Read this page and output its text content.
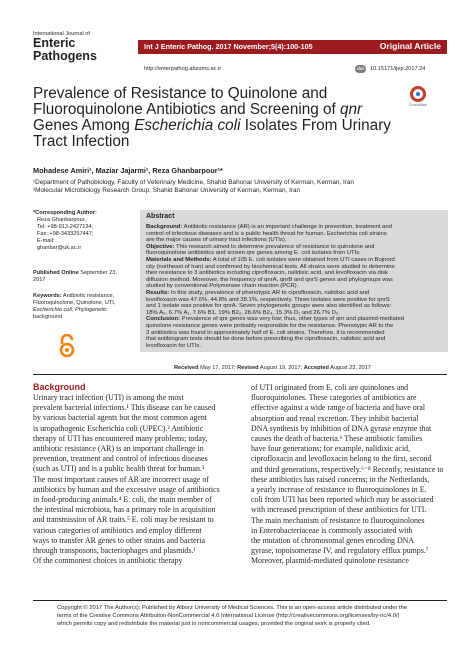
International Journal of
Enteric
Pathogens
Int J Enteric Pathog. 2017 November;5(4):100-105	Original Article
http://enterpathog.abzums.ac.ir	doi	10.15171/ijep.2017.24
CrossMark
Prevalence of Resistance to Quinolone and
Fluoroquinolone Antibiotics and Screening of qnr
Genes Among Escherichia coli Isolates From Urinary
Tract Infection
Mohadese Amiri¹, Maziar Jajarmi¹, Reza Ghanbarpour¹*
¹Department of Pathobiology, Faculty of Veterinary Medicine, Shahid Bahonar University of Kerman, Kerman, Iran
²Molecular Microbiology Research Group, Shahid Bahonar University of Kerman, Kerman, Iran
*Corresponding Author:
Reza Ghanbarpour,
Tel: +98-913-2427134;
Fax: +98-3433257447;
E-mail:
ghanbar@uk.ac.ir
Published Online September 23,
2017
Keywords: Antibiotic resistance,
Fluoroquinolone, Quinolone, UTI,
Escherichia coli, Phylogenetic
background
Abstract
Background: Antibiotic resistance (AR) is an important challenge in prevention, treatment and
control of infectious diseases and is a public health threat for human. Escherichia coli strains
are the major causes of urinary tract infections (UTIs).
Objective: This research aimed to determine prevalence of resistance to quinolone and
fluoroquinolone antibiotics and screen qnr genes among E. coli isolates from UTIs.
Materials and Methods: A total of 105 E. coli isolates were obtained from UTI cases in Bojnord
city (northeast of Iran) and confirmed by biochemical tests. All strains were studied to determine
their resistance to 3 antibiotics including ciprofloxacin, nalidixic acid, and levofloxacin via disk
diffusion method. Moreover, the frequency of qnrA, qnrB and qnrS genes and phylogroups was
studied by conventional Polymerase chain reaction (PCR).
Results: In this study, prevalence of phenotypic AR to ciprofloxacin, nalidixic acid and
levofloxacin was 47.6%, 44.8% and 38.1%, respectively. Three isolates were positive for qnrS
and 1 isolate was positive for qnrA. Seven phylogenetic groups were also identified as follows:
18% A₀, 6.7% A₁, 7.6% B1, 19% B2₂, 28.6% B2₃, 15.3% D₁ and 26.7% D₂.
Conclusion: Prevalence of qnr genes was very low; thus, other types of qnr and plasmid-mediated
quinolone resistance genes were probably responsible for the resistance. Phenotypic AR to the
3 antibiotics was found in approximately half of E. coli strains. Therefore, it is recommended
that antibiogram tests should be done before prescribing the ciprofloxacin, nalidixic acid and
levofloxacin for UTIs.
Received May 17, 2017; Revised August 19, 2017; Accepted August 23, 2017
Background
Urinary tract infection (UTI) is among the most
prevalent bacterial infections.¹ This disease can be caused
by various bacterial agents but the most common agent
is uropathogenic Escherichia coli (UPEC).² Antibiotic
therapy of UTI has encountered many problems; today,
antibiotic resistance (AR) is an important challenge in
prevention, treatment and control of infectious diseases
(such as UTI) and is a public health threat for human.³
The most important causes of AR are incorrect usage of
antibiotics by human and the excessive usage of antibiotics
in food-producing animals.⁴ E. coli, the main member of
the intestinal microbiota, has a primary role in acquisition
and transmission of AR traits.⁵ E. coli may be resistant to
various categories of antibiotics and employ different
ways to transfer AR genes to other strains and bacteria
through transposons, bacteriophages and plasmids.¹
Of the commonest choices in antibiotic therapy
of UTI originated from E. coli are quinolones and
fluoroquinolones. These categories of antibiotics are
effective against a wide range of bacteria and have oral
absorption and renal excretion. They inhibit bacterial
DNA synthesis by inhibition of DNA gyrase enzyme that
causes the death of bacteria.⁶ These antibiotic families
have four generations; for example, nalidixic acid,
ciprofloxacin and levofloxacin belong to the first, second
and third generations, respectively.⁶⁻⁸ Recently, resistance to
these antibiotics has raised concerns; in the Netherlands,
a yearly increase of resistance to fluoroquinolones in E.
coli from UTI has been reported which may be associated
with increased prescription of these antibiotics for UTI.
The main mechanism of resistance to fluoroquinolones
in Enterobacteriaceae is commonly associated with
the mutation of chromosomal genes encoding DNA
gyrase, topoisomerase IV, and regulatory efflux pumps.⁷
Moreover, plasmid-mediated quinolone resistance
Copyright © 2017 The Author(s); Published by Alborz University of Medical Sciences. This is an open-access article distributed under the
terms of the Creative Commons Attribution-NonCommercial 4.0 International License (http://creativecommons.org/licenses/by-nc/4.0/)
which permits copy and redistribute the material just in noncommercial usages, provided the original work is properly cited.
